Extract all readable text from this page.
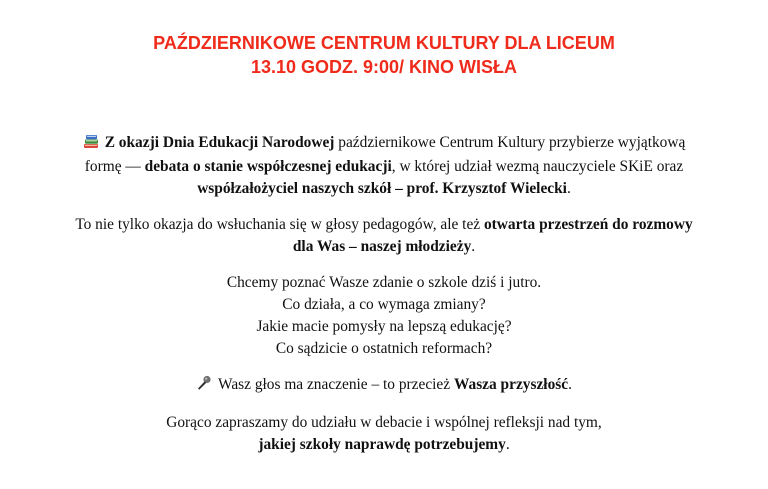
PAŹDZIERNIKOWE CENTRUM KULTURY DLA LICEUM
13.10 GODZ. 9:00/ KINO WISŁA

Z okazji Dnia Edukacji Narodowej październikowe Centrum Kultury przybierze wyjątkową
formę — debata o stanie współczesnej edukacji, w której udział wezmą nauczyciele SKiE oraz
współzałożyciel naszych szkół – prof. Krzysztof Wielecki.

To nie tylko okazja do wsłuchania się w głosy pedagogów, ale też otwarta przestrzeń do rozmowy
dla Was – naszej młodzieży.

Chcemy poznać Wasze zdanie o szkole dziś i jutro.
Co działa, a co wymaga zmiany?
Jakie macie pomysły na lepszą edukację?
Co sądzicie o ostatnich reformach?

Wasz głos ma znaczenie – to przecież Wasza przyszłość.

Gorąco zapraszamy do udziału w debacie i wspólnej refleksji nad tym,
jakiej szkoły naprawdę potrzebujemy.
